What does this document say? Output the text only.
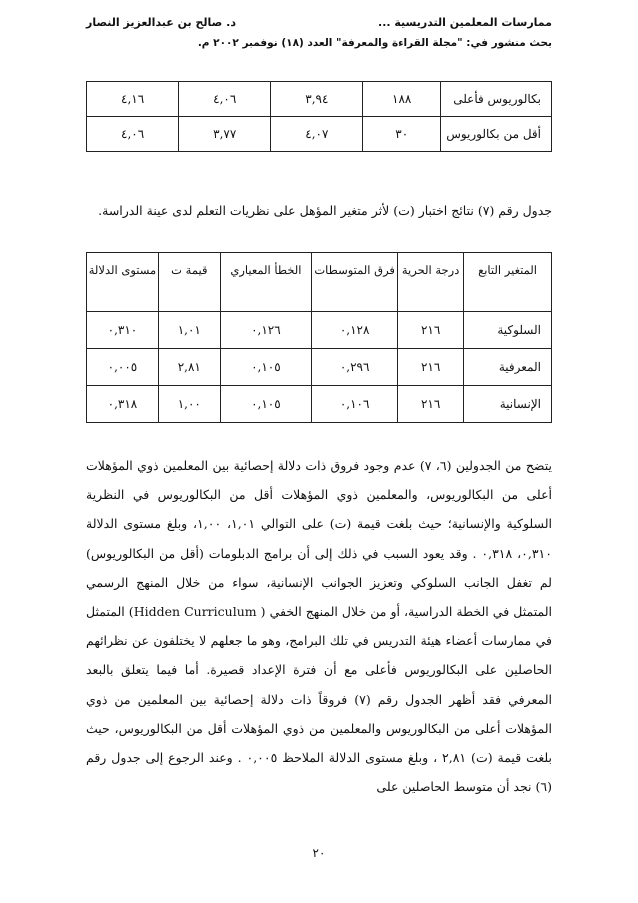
ممارسات المعلمين التدريسية ...
د. صالح بن عبدالعزيز النصار
بحث منشور في: "مجلة القراءة والمعرفة" العدد (١٨) نوفمبر ٢٠٠٢ م.
بكالوريوس فأعلى	١٨٨	٣,٩٤	٤,٠٦	٤,١٦
أقل من بكالوريوس	٣٠	٤,٠٧	٣,٧٧	٤,٠٦
جدول رقم (٧) نتائج اختبار (ت) لأثر متغير المؤهل على نظريات التعلم لدى عينة الدراسة.
المتغير التابع	درجة الحرية	فرق المتوسطات	الخطأ المعياري	قيمة ت	مستوى الدلالة
السلوكية	٢١٦	٠,١٢٨	٠,١٢٦	١,٠١	٠,٣١٠
المعرفية	٢١٦	٠,٢٩٦	٠,١٠٥	٢,٨١	٠,٠٠٥
الإنسانية	٢١٦	٠,١٠٦	٠,١٠٥	١,٠٠	٠,٣١٨
يتضح من الجدولين (٦، ٧) عدم وجود فروق ذات دلالة إحصائية بين المعلمين ذوي المؤهلات أعلى من البكالوريوس، والمعلمين ذوي المؤهلات أقل من البكالوريوس في النظرية السلوكية والإنسانية؛ حيث بلغت قيمة (ت) على التوالي ١,٠١، ١,٠٠، وبلغ مستوى الدلالة ٠,٣١٠، ٠,٣١٨ . وقد يعود السبب في ذلك إلى أن برامج الدبلومات (أقل من البكالوريوس) لم تغفل الجانب السلوكي وتعزيز الجوانب الإنسانية، سواء من خلال المنهج الرسمي المتمثل في الخطة الدراسية، أو من خلال المنهج الخفي ( Hidden Curriculum) المتمثل في ممارسات أعضاء هيئة التدريس في تلك البرامج، وهو ما جعلهم لا يختلفون عن نظرائهم الحاصلين على البكالوريوس فأعلى مع أن فترة الإعداد قصيرة. أما فيما يتعلق بالبعد المعرفي فقد أظهر الجدول رقم (٧) فروقاً ذات دلالة إحصائية بين المعلمين من ذوي المؤهلات أعلى من البكالوريوس والمعلمين من ذوي المؤهلات أقل من البكالوريوس، حيث بلغت قيمة (ت) ٢,٨١ ، وبلغ مستوى الدلالة الملاحظ ٠,٠٠٥ . وعند الرجوع إلى جدول رقم (٦) نجد أن متوسط الحاصلين على
٢٠
